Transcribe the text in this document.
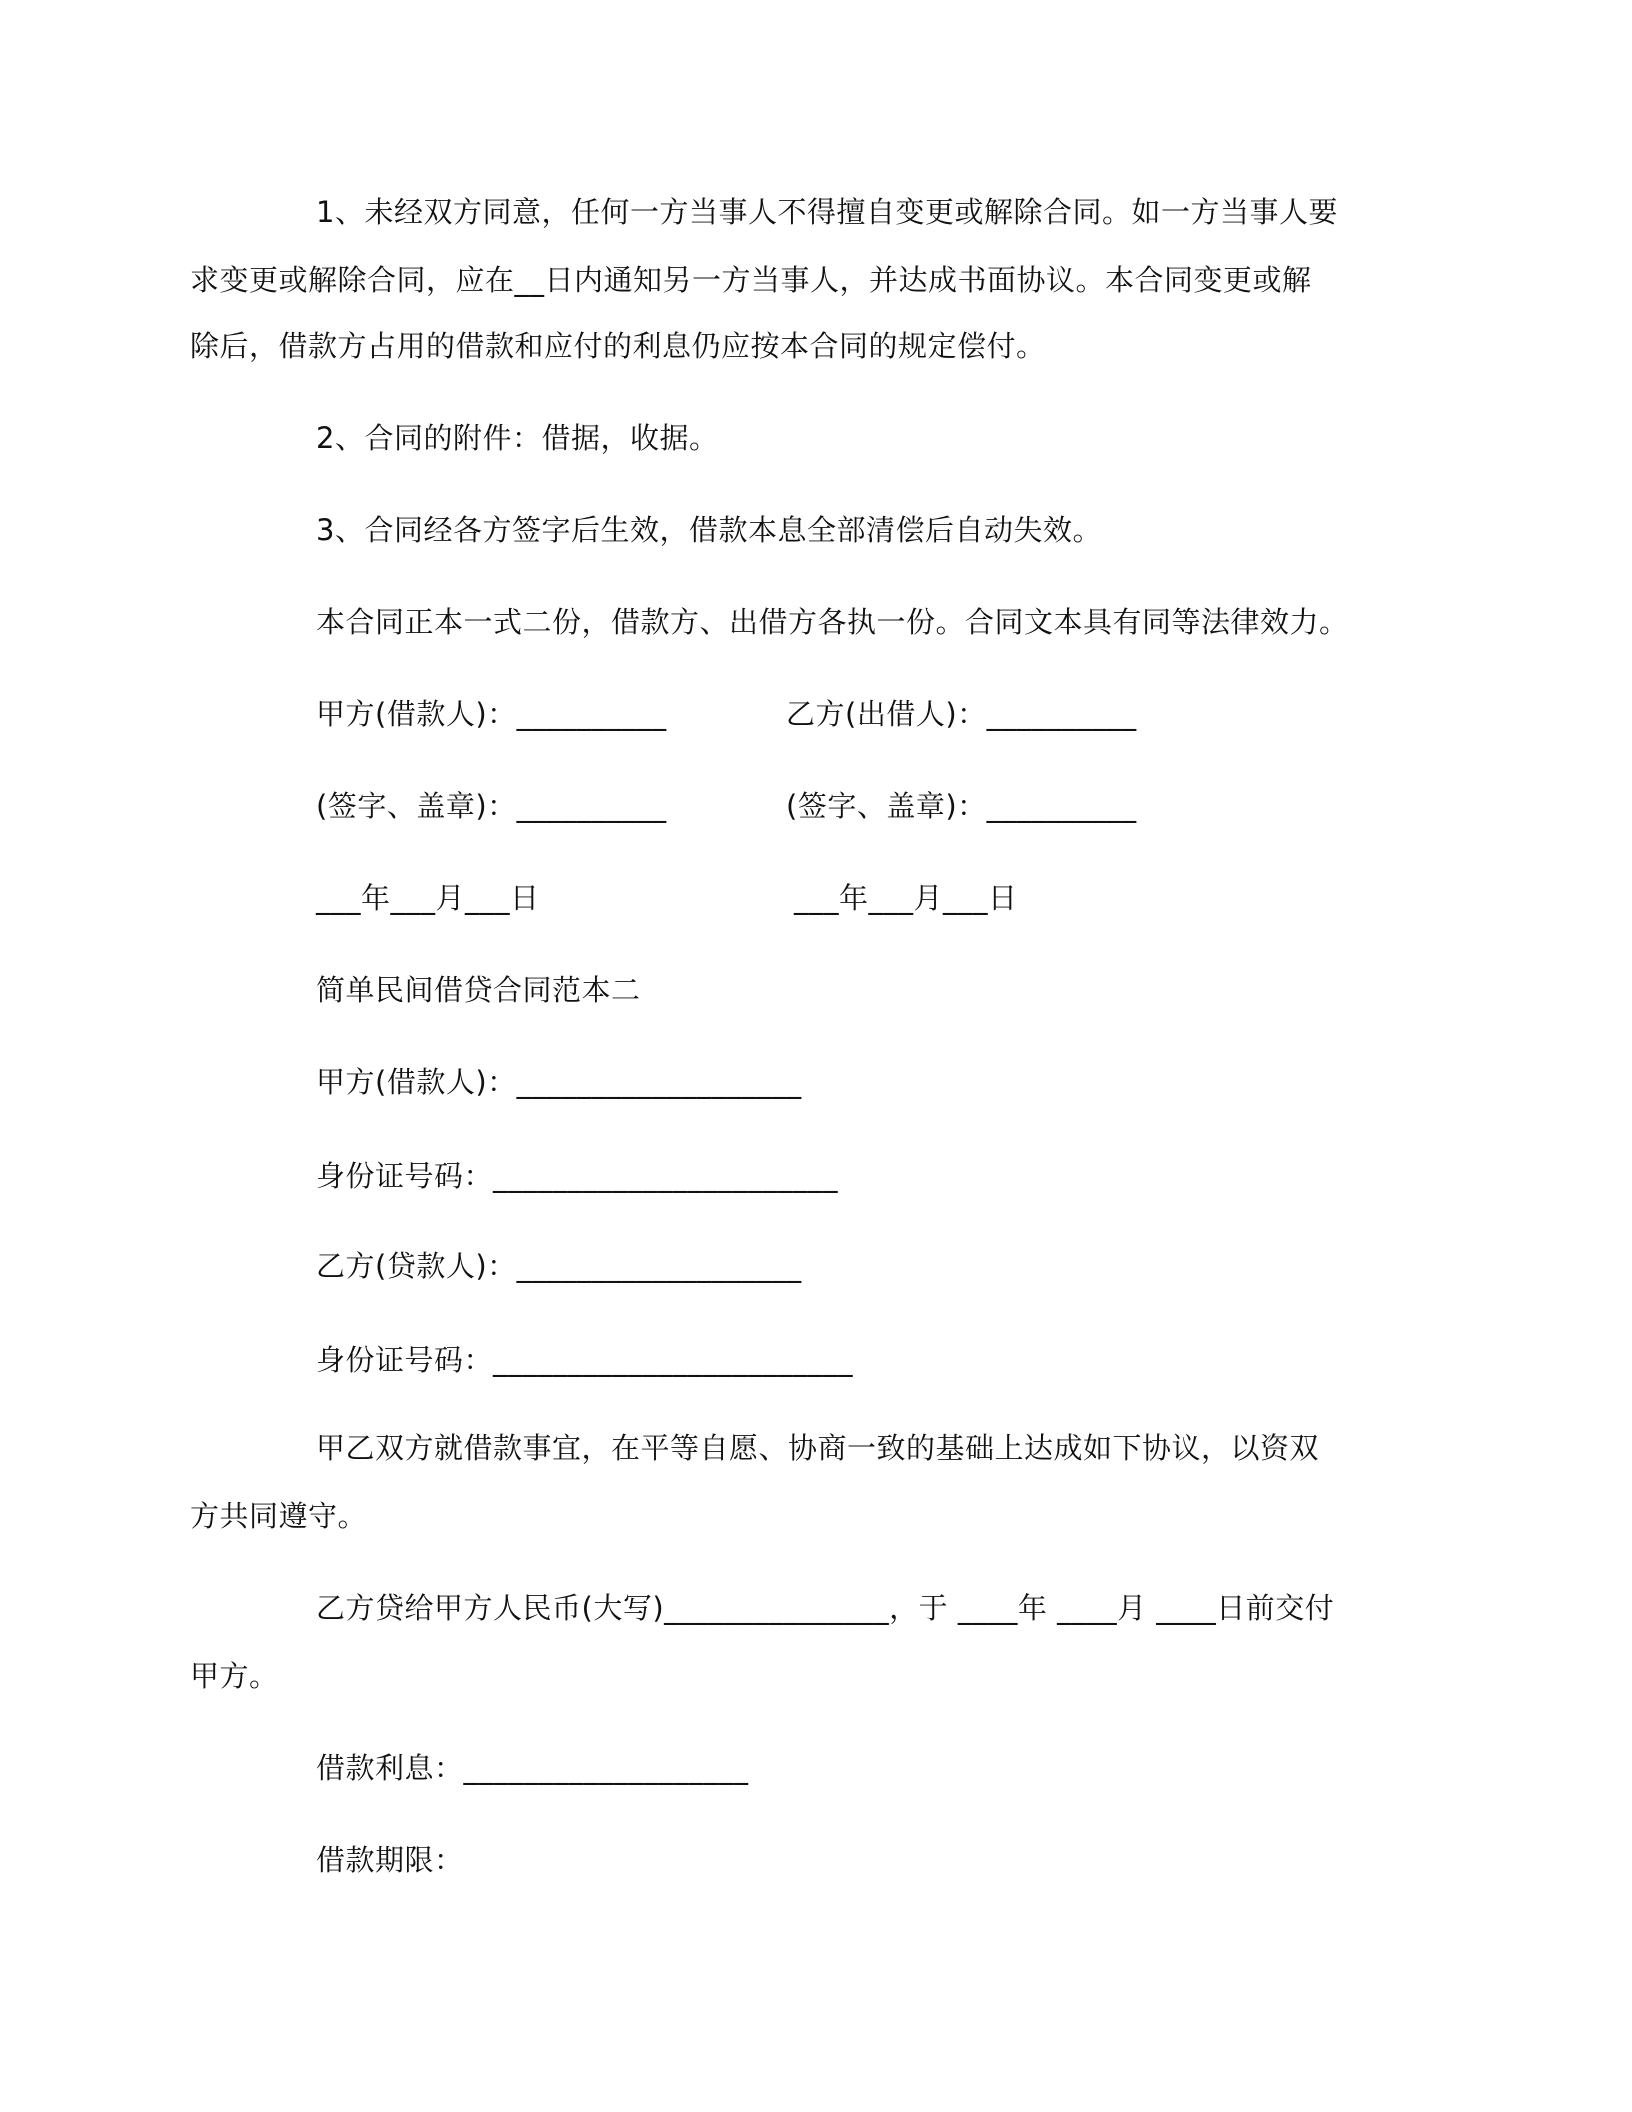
1、未经双方同意，任何一方当事人不得擅自变更或解除合同。如一方当事人要
求变更或解除合同，应在__日内通知另一方当事人，并达成书面协议。本合同变更或解
除后，借款方占用的借款和应付的利息仍应按本合同的规定偿付。
2、合同的附件：借据，收据。
3、合同经各方签字后生效，借款本息全部清偿后自动失效。
本合同正本一式二份，借款方、出借方各执一份。合同文本具有同等法律效力。
甲方(借款人)：__________	乙方(出借人)：__________
(签字、盖章)：__________	(签字、盖章)：__________
___年___月___日	___年___月___日
简单民间借贷合同范本二
甲方(借款人)：___________________
身份证号码：_______________________
乙方(贷款人)：___________________
身份证号码：________________________
甲乙双方就借款事宜，在平等自愿、协商一致的基础上达成如下协议，以资双
方共同遵守。
乙方贷给甲方人民币(大写)_______________，于 ____年 ____月 ____日前交付
甲方。
借款利息：___________________
借款期限：
